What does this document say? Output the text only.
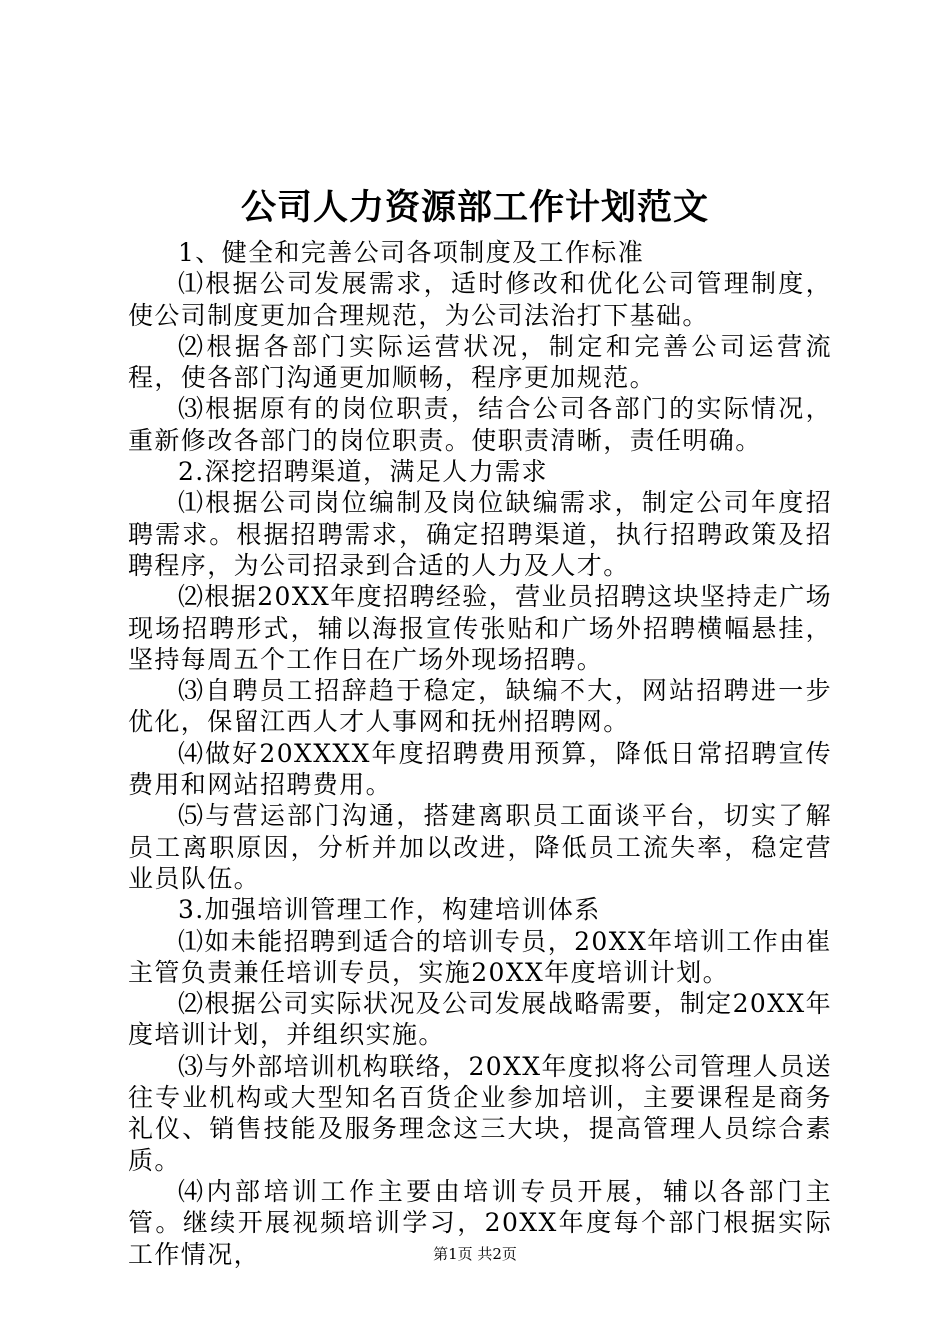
公司人力资源部工作计划范文

1、健全和完善公司各项制度及工作标准

⑴根据公司发展需求，适时修改和优化公司管理制度，使公司制度更加合理规范，为公司法治打下基础。

⑵根据各部门实际运营状况，制定和完善公司运营流程，使各部门沟通更加顺畅，程序更加规范。

⑶根据原有的岗位职责，结合公司各部门的实际情况，重新修改各部门的岗位职责。使职责清晰，责任明确。

2.深挖招聘渠道，满足人力需求

⑴根据公司岗位编制及岗位缺编需求，制定公司年度招聘需求。根据招聘需求，确定招聘渠道，执行招聘政策及招聘程序，为公司招录到合适的人力及人才。

⑵根据20XX年度招聘经验，营业员招聘这块坚持走广场现场招聘形式，辅以海报宣传张贴和广场外招聘横幅悬挂，坚持每周五个工作日在广场外现场招聘。

⑶自聘员工招辞趋于稳定，缺编不大，网站招聘进一步优化，保留江西人才人事网和抚州招聘网。

⑷做好20XXXX年度招聘费用预算，降低日常招聘宣传费用和网站招聘费用。

⑸与营运部门沟通，搭建离职员工面谈平台，切实了解员工离职原因，分析并加以改进，降低员工流失率，稳定营业员队伍。

3.加强培训管理工作，构建培训体系

⑴如未能招聘到适合的培训专员，20XX年培训工作由崔主管负责兼任培训专员，实施20XX年度培训计划。

⑵根据公司实际状况及公司发展战略需要，制定20XX年度培训计划，并组织实施。

⑶与外部培训机构联络，20XX年度拟将公司管理人员送往专业机构或大型知名百货企业参加培训，主要课程是商务礼仪、销售技能及服务理念这三大块，提高管理人员综合素质。

⑷内部培训工作主要由培训专员开展，辅以各部门主管。继续开展视频培训学习，20XX年度每个部门根据实际工作情况，	第1页 共2页
